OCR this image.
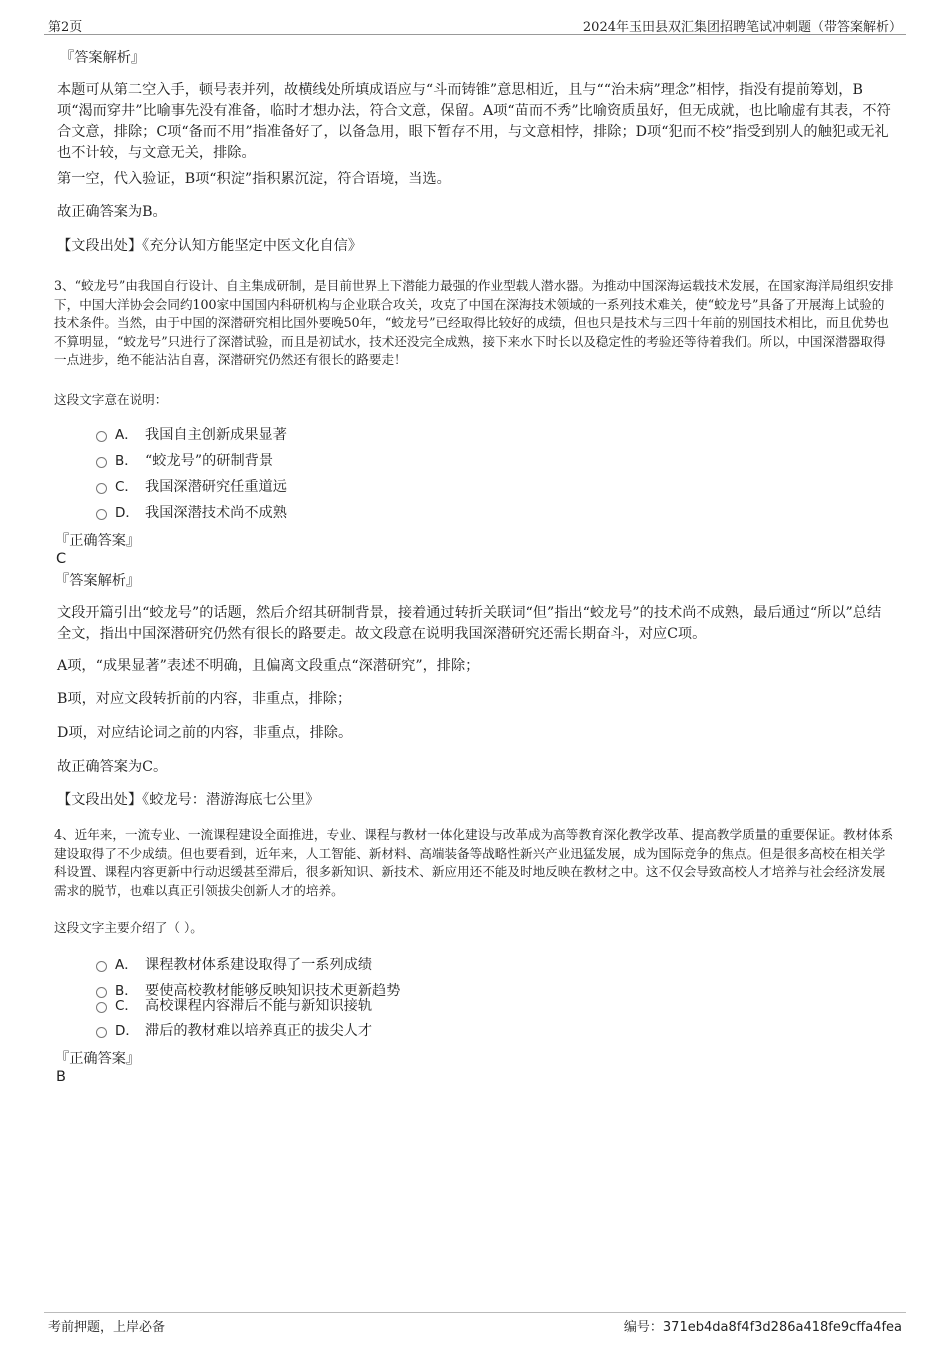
第2页	2024年玉田县双汇集团招聘笔试冲刺题（带答案解析）
『答案解析』
本题可从第二空入手，顿号表并列，故横线处所填成语应与“斗而铸锥”意思相近，且与““治未病”理念”相悖，指没有提前筹划，B项“渴而穿井”比喻事先没有准备，临时才想办法，符合文意，保留。A项“苗而不秀”比喻资质虽好，但无成就，也比喻虚有其表，不符合文意，排除；C项“备而不用”指准备好了，以备急用，眼下暂存不用，与文意相悖，排除；D项“犯而不校”指受到别人的触犯或无礼也不计较，与文意无关，排除。
第一空，代入验证，B项“积淀”指积累沉淀，符合语境，当选。
故正确答案为B。
【文段出处】《充分认知方能坚定中医文化自信》
3、“蛟龙号”由我国自行设计、自主集成研制，是目前世界上下潜能力最强的作业型载人潜水器。为推动中国深海运载技术发展，在国家海洋局组织安排下，中国大洋协会会同约100家中国国内科研机构与企业联合攻关，攻克了中国在深海技术领域的一系列技术难关，使“蛟龙号”具备了开展海上试验的技术条件。当然，由于中国的深潜研究相比国外要晚50年，“蛟龙号”已经取得比较好的成绩，但也只是技术与三四十年前的别国技术相比，而且优势也不算明显，“蛟龙号”只进行了深潜试验，而且是初试水，技术还没完全成熟，接下来水下时长以及稳定性的考验还等待着我们。所以，中国深潜器取得一点进步，绝不能沾沾自喜，深潜研究仍然还有很长的路要走！
这段文字意在说明：
A． 我国自主创新成果显著
B． “蛟龙号”的研制背景
C． 我国深潜研究任重道远
D． 我国深潜技术尚不成熟
『正确答案』
C
『答案解析』
文段开篇引出“蛟龙号”的话题，然后介绍其研制背景，接着通过转折关联词“但”指出“蛟龙号”的技术尚不成熟，最后通过“所以”总结全文，指出中国深潜研究仍然有很长的路要走。故文段意在说明我国深潜研究还需长期奋斗，对应C项。
A项，“成果显著”表述不明确，且偏离文段重点“深潜研究”，排除；
B项，对应文段转折前的内容，非重点，排除；
D项，对应结论词之前的内容，非重点，排除。
故正确答案为C。
【文段出处】《蛟龙号：潜游海底七公里》
4、近年来，一流专业、一流课程建设全面推进，专业、课程与教材一体化建设与改革成为高等教育深化教学改革、提高教学质量的重要保证。教材体系建设取得了不少成绩。但也要看到，近年来，人工智能、新材料、高端装备等战略性新兴产业迅猛发展，成为国际竞争的焦点。但是很多高校在相关学科设置、课程内容更新中行动迟缓甚至滞后，很多新知识、新技术、新应用还不能及时地反映在教材之中。这不仅会导致高校人才培养与社会经济发展需求的脱节，也难以真正引领拔尖创新人才的培养。
这段文字主要介绍了（ ）。
A． 课程教材体系建设取得了一系列成绩
B． 要使高校教材能够反映知识技术更新趋势
C． 高校课程内容滞后不能与新知识接轨
D． 滞后的教材难以培养真正的拔尖人才
『正确答案』
B
考前押题，上岸必备	编号：371eb4da8f4f3d286a418fe9cffa4fea
